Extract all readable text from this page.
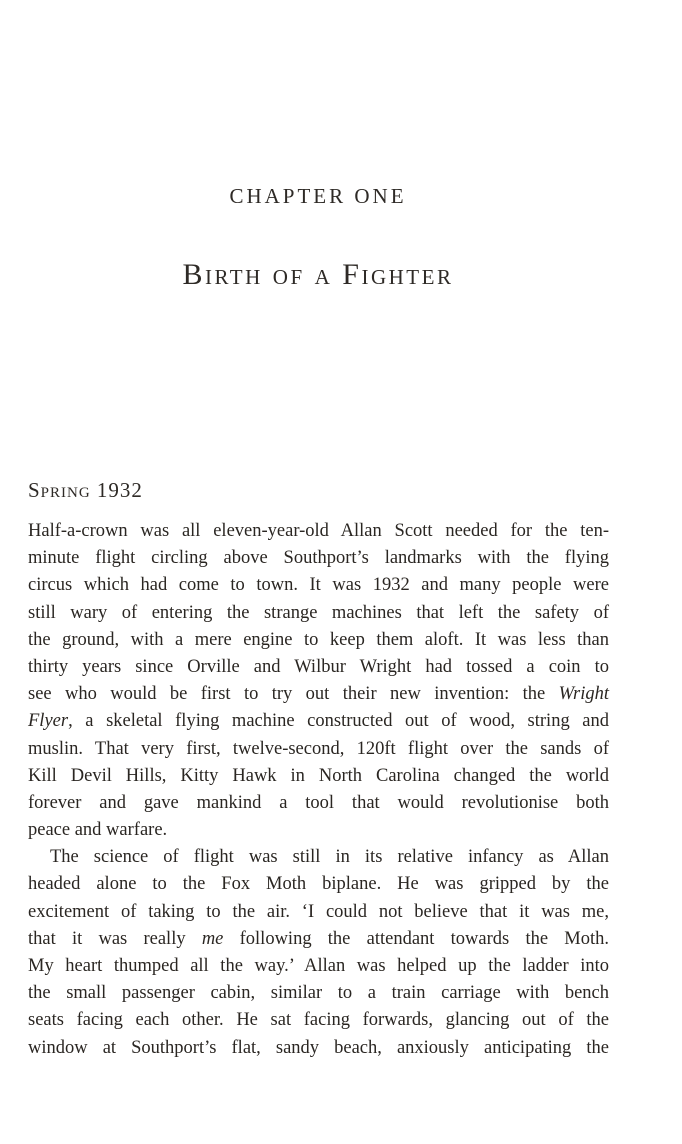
CHAPTER ONE
Birth of a Fighter
Spring 1932

Half-a-crown was all eleven-year-old Allan Scott needed for the ten-
minute flight circling above Southport’s landmarks with the flying
circus which had come to town. It was 1932 and many people were
still wary of entering the strange machines that left the safety of
the ground, with a mere engine to keep them aloft. It was less than
thirty years since Orville and Wilbur Wright had tossed a coin to
see who would be first to try out their new invention: the Wright
Flyer, a skeletal flying machine constructed out of wood, string and
muslin. That very first, twelve-second, 120ft flight over the sands of
Kill Devil Hills, Kitty Hawk in North Carolina changed the world
forever and gave mankind a tool that would revolutionise both
peace and warfare.

The science of flight was still in its relative infancy as Allan
headed alone to the Fox Moth biplane. He was gripped by the
excitement of taking to the air. ‘I could not believe that it was me,
that it was really me following the attendant towards the Moth.
My heart thumped all the way.’ Allan was helped up the ladder into
the small passenger cabin, similar to a train carriage with bench
seats facing each other. He sat facing forwards, glancing out of the
window at Southport’s flat, sandy beach, anxiously anticipating the
